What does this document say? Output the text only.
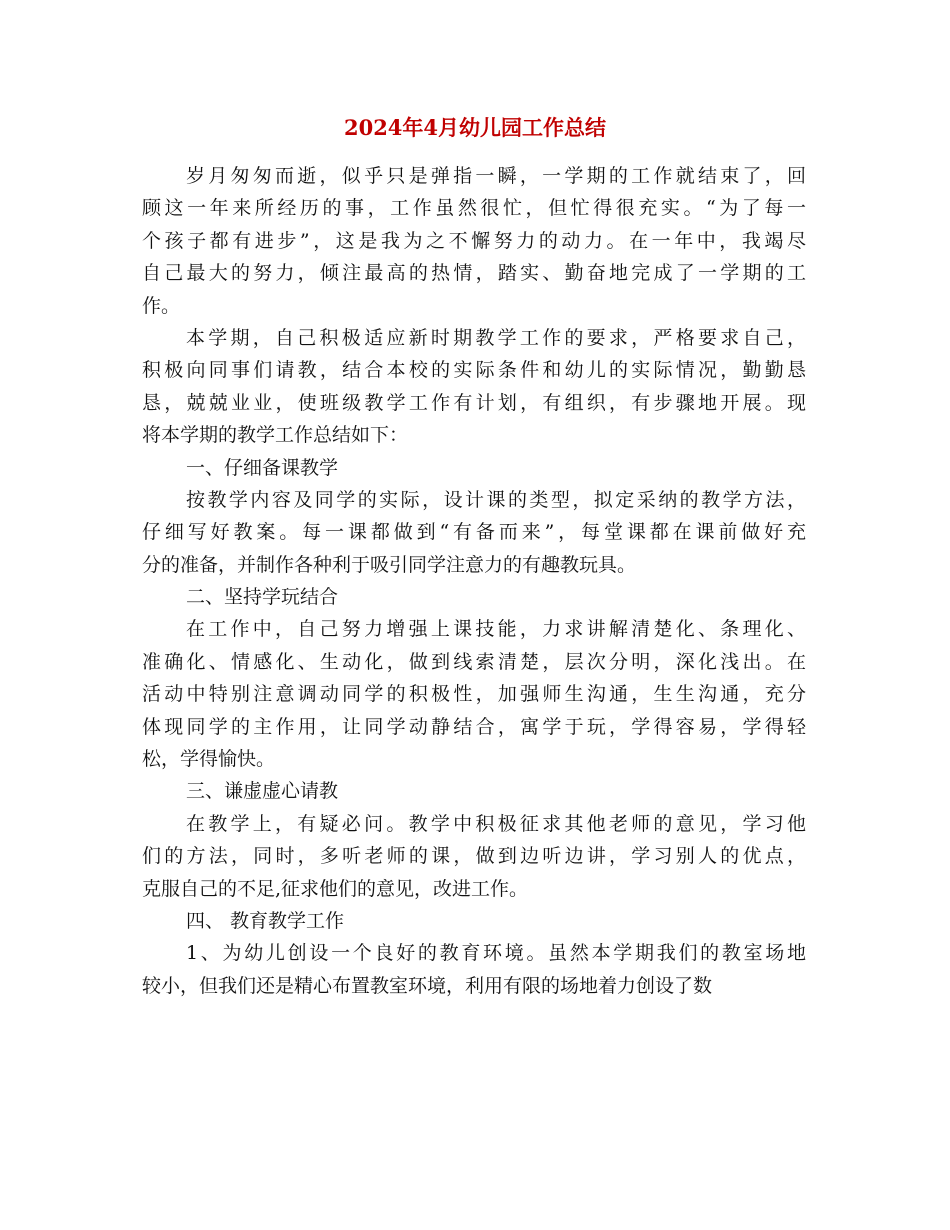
2024年4月幼儿园工作总结
岁月匆匆而逝，似乎只是弹指一瞬，一学期的工作就结束了，回
顾这一年来所经历的事，工作虽然很忙，但忙得很充实。“为了每一
个孩子都有进步”，这是我为之不懈努力的动力。在一年中，我竭尽
自己最大的努力，倾注最高的热情，踏实、勤奋地完成了一学期的工
作。
本学期，自己积极适应新时期教学工作的要求，严格要求自己，
积极向同事们请教，结合本校的实际条件和幼儿的实际情况，勤勤恳
恳，兢兢业业，使班级教学工作有计划，有组织，有步骤地开展。现
将本学期的教学工作总结如下：
一、仔细备课教学
按教学内容及同学的实际，设计课的类型，拟定采纳的教学方法，
仔细写好教案。每一课都做到“有备而来”，每堂课都在课前做好充
分的准备，并制作各种利于吸引同学注意力的有趣教玩具。
二、坚持学玩结合
在工作中，自己努力增强上课技能，力求讲解清楚化、条理化、
准确化、情感化、生动化，做到线索清楚，层次分明，深化浅出。在
活动中特别注意调动同学的积极性，加强师生沟通，生生沟通，充分
体现同学的主作用，让同学动静结合，寓学于玩，学得容易，学得轻
松，学得愉快。
三、谦虚虚心请教
在教学上，有疑必问。教学中积极征求其他老师的意见，学习他
们的方法，同时，多听老师的课，做到边听边讲，学习别人的优点，
克服自己的不足,征求他们的意见，改进工作。
四、 教育教学工作
1、为幼儿创设一个良好的教育环境。虽然本学期我们的教室场地
较小，但我们还是精心布置教室环境，利用有限的场地着力创设了数
